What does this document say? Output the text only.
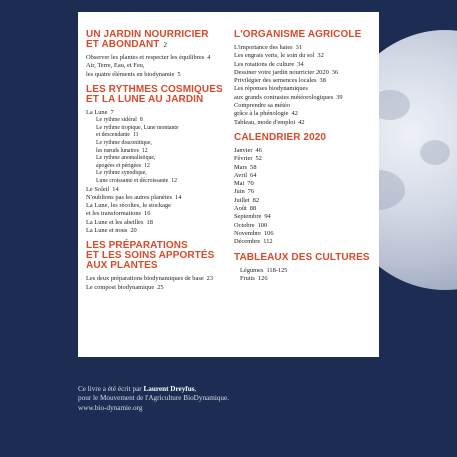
UN JARDIN NOURRICIER
ET ABONDANT 2
Observer les plantes et respecter les équilibres 4
Air, Terre, Eau, et Feu,
les quatre éléments en biodynamie 5
LES RYTHMES COSMIQUES
ET LA LUNE AU JARDIN
La Lune 7
Le rythme sidéral 8
Le rythme tropique, Lune montante
et descendante 11
Le rythme draconitique,
les nœuds lunaires 12
Le rythme anomalistique,
apogées et périgées 12
Le rythme synodique,
Lune croissante et décroissante 12
Le Soleil 14
N'oublions pas les autres planètes 14
La Lune, les récoltes, le stockage
et les transformations 16
La Lune et les abeilles 18
La Lune et nous 20
LES PRÉPARATIONS
ET LES SOINS APPORTÉS
AUX PLANTES
Les deux préparations biodynamiques de base 23
Le compost biodynamique 25
L'ORGANISME AGRICOLE
L'importance des haies 31
Les engrais verts, le soin du sol 32
Les rotations de culture 34
Dessiner votre jardin nourricier 2020 36
Privilégier des semences locales 38
Les réponses biodynamiques
aux grands contrastes météorologiques 39
Comprendre sa météo
grâce à la phénologie 42
Tableau, mode d'emploi 42
CALENDRIER 2020
Janvier 46
Février 52
Mars 58
Avril 64
Mai 70
Juin 76
Juillet 82
Août 88
Septembre 94
Octobre 100
Novembre 106
Décembre 112
TABLEAUX DES CULTURES
Légumes 118-125
Fruits 126
Ce livre a été écrit par Laurent Dreyfus,
pour le Mouvement de l'Agriculture BioDynamique.
www.bio-dynamie.org
